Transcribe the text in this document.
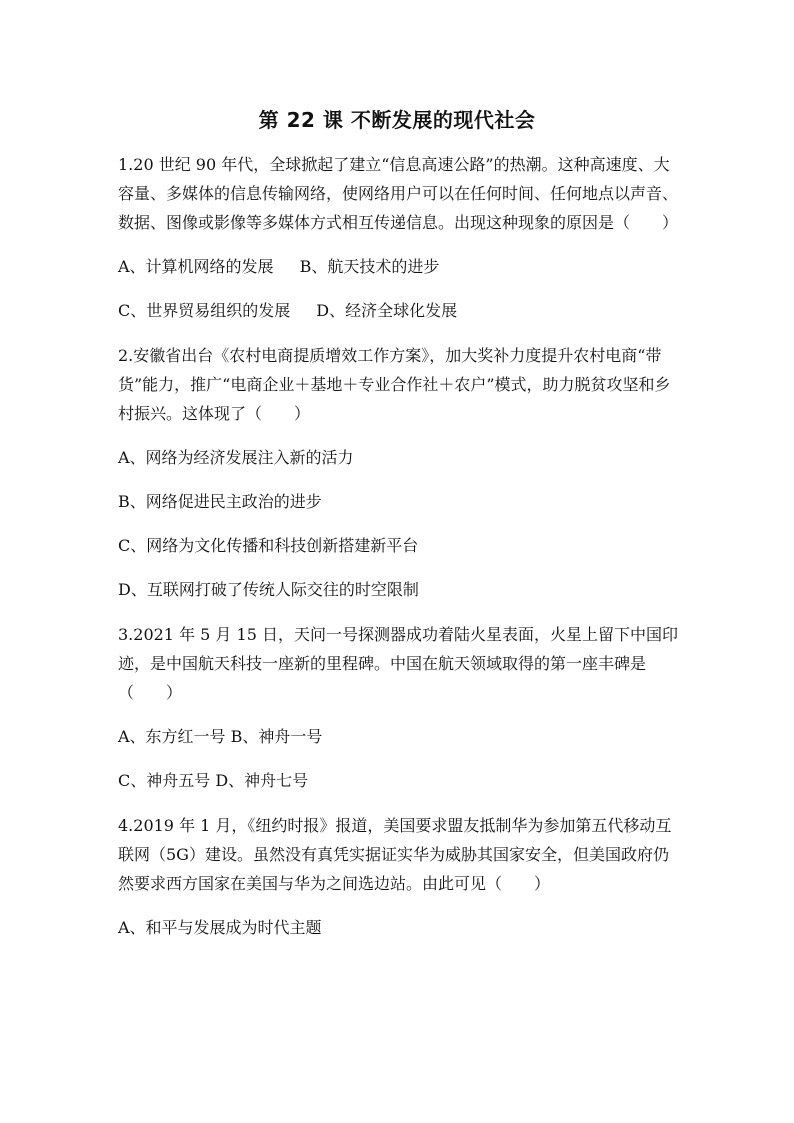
第 22 课 不断发展的现代社会

1.20 世纪 90 年代，全球掀起了建立“信息高速公路”的热潮。这种高速度、大容量、多媒体的信息传输网络，使网络用户可以在任何时间、任何地点以声音、数据、图像或影像等多媒体方式相互传递信息。出现这种现象的原因是（　　）

A、计算机网络的发展 B、航天技术的进步

C、世界贸易组织的发展 D、经济全球化发展

2.安徽省出台《农村电商提质增效工作方案》，加大奖补力度提升农村电商“带货”能力，推广“电商企业＋基地＋专业合作社＋农户”模式，助力脱贫攻坚和乡村振兴。这体现了（　　）

A、网络为经济发展注入新的活力

B、网络促进民主政治的进步

C、网络为文化传播和科技创新搭建新平台

D、互联网打破了传统人际交往的时空限制

3.2021 年 5 月 15 日，天问一号探测器成功着陆火星表面，火星上留下中国印迹，是中国航天科技一座新的里程碑。中国在航天领域取得的第一座丰碑是（　　）

A、东方红一号 B、神舟一号

C、神舟五号 D、神舟七号

4.2019 年 1 月，《纽约时报》报道，美国要求盟友抵制华为参加第五代移动互联网（5G）建设。虽然没有真凭实据证实华为威胁其国家安全，但美国政府仍然要求西方国家在美国与华为之间选边站。由此可见（　　）

A、和平与发展成为时代主题
